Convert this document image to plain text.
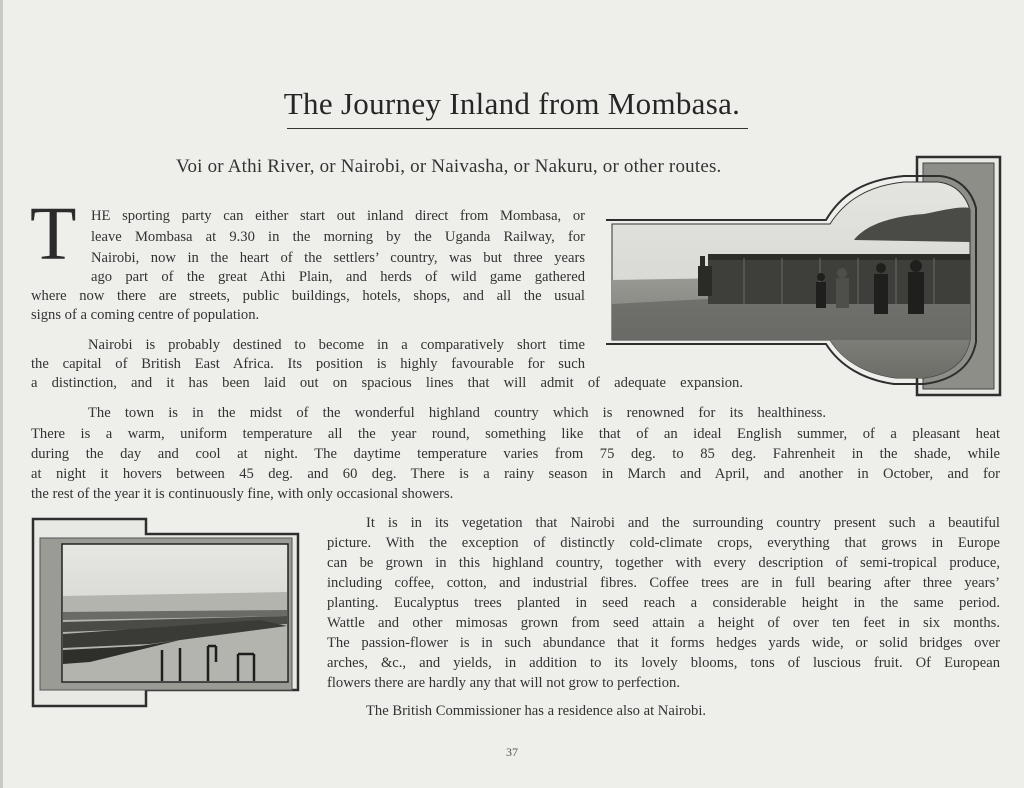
The Journey Inland from Mombasa.
Voi or Athi River, or Nairobi, or Naivasha, or Nakuru, or other routes.
T HE sporting party can either start out inland direct from Mombasa, or
leave Mombasa at 9.30 in the morning by the Uganda Railway, for
Nairobi, now in the heart of the settlers’ country, was but three years
ago part of the great Athi Plain, and herds of wild game gathered
where now there are streets, public buildings, hotels, shops, and all the usual
signs of a coming centre of population.
Nairobi is probably destined to become in a comparatively short time
the capital of British East Africa. Its position is highly favourable for such
a distinction, and it has been laid out on spacious lines that will admit of adequate expansion.
The town is in the midst of the wonderful highland country which is renowned for its healthiness.
There is a warm, uniform temperature all the year round, something like that of an ideal English summer, of a pleasant heat
during the day and cool at night. The daytime temperature varies from 75 deg. to 85 deg. Fahrenheit in the shade, while
at night it hovers between 45 deg. and 60 deg. There is a rainy season in March and April, and another in October, and for
the rest of the year it is continuously fine, with only occasional showers.
It is in its vegetation that Nairobi and the surrounding country present such a beautiful
picture. With the exception of distinctly cold-climate crops, everything that grows in Europe
can be grown in this highland country, together with every description of semi-tropical produce,
including coffee, cotton, and industrial fibres. Coffee trees are in full bearing after three years’
planting. Eucalyptus trees planted in seed reach a considerable height in the same period.
Wattle and other mimosas grown from seed attain a height of over ten feet in six months.
The passion-flower is in such abundance that it forms hedges yards wide, or solid bridges over
arches, &c., and yields, in addition to its lovely blooms, tons of luscious fruit. Of European
flowers there are hardly any that will not grow to perfection.
The British Commissioner has a residence also at Nairobi.
37
